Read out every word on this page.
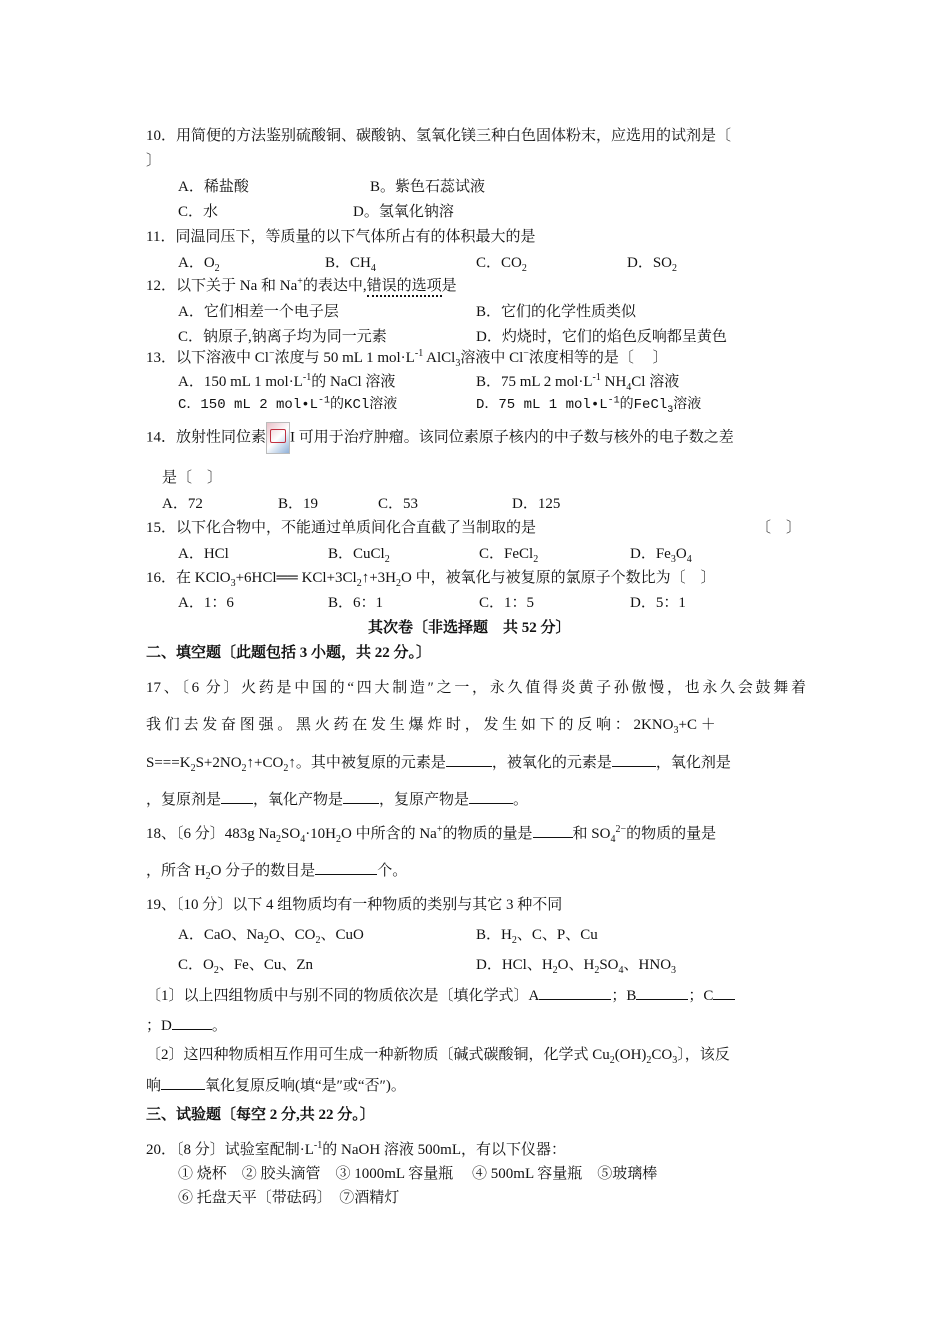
10．用简便的方法鉴别硫酸铜、碳酸钠、氢氧化镁三种白色固体粉末，应选用的试剂是〔
〕
A．稀盐酸	B。紫色石蕊试液
C．水	D。氢氧化钠溶
11．同温同压下，等质量的以下气体所占有的体积最大的是
A．$O_2$	B．$CH_4$	C．$CO_2$	D．$SO_2$
12．以下关于 Na 和 Na+的表达中,错误的选项是
A．它们相差一个电子层	B．它们的化学性质类似
C．钠原子,钠离子均为同一元素	D．灼烧时，它们的焰色反响都呈黄色
13．以下溶液中 Cl−浓度与 50 mL 1 $mol\cdot L^{-1}$ AlCl$_3$溶液中 Cl−浓度相等的是〔　 〕
A．150 mL 1 $mol\cdot L^{-1}$的 NaCl 溶液	B．75 mL 2 $mol\cdot L^{-1}$ $NH_4Cl$ 溶液
C．150 mL 2 $mol•L^{-1}$的KCl溶液	D．75 mL 1 $mol•L^{-1}$的FeCl$_3$溶液
14．放射性同位素 I 可用于治疗肿瘤。该同位素原子核内的中子数与核外的电子数之差
是〔　〕
A．72	B．19	C．53	D．125
15．以下化合物中，不能通过单质间化合直截了当制取的是	〔　〕
A．HCl	B．CuCl$_2$	C．FeCl$_2$	D．$Fe_3O_4$
16．在 KClO$_3$+6HCl══ $KCl+3Cl_2↑+3H_2O$ 中，被氧化与被复原的氯原子个数比为〔　〕
A．1：6	B．6：1	C．1：5	D．5：1
其次卷〔非选择题　共 52 分〕
二、填空题〔此题包括 3 小题，共 22 分。〕
17、〔6 分〕火药是中国的“四大制造″之一，永久值得炎黄子孙傲慢，也永久会鼓舞着
我 们 去 发 奋 图 强 。 黑 火 药 在 发 生 爆 炸 时 ， 发 生 如 下 的 反 响 ： $2KNO_3+C$ ＋
$S===K_2S+2NO_2↑+CO_2↑$。其中被复原的元素是	，被氧化的元素是	，氧化剂是
，复原剂是 ，氧化产物是 ，复原产物是	。
18、〔6 分〕483g $Na_2SO_4\cdot 10H_2O$ 中所含的 Na+的物质的量是	和 $SO_4^{2-}$的物质的量是
，所含 $H_2O$ 分子的数目是	个。
19、〔10 分〕以下 4 组物质均有一种物质的类别与其它 3 种不同
A．CaO、$Na_2O$、$CO_2$、CuO	B．$H_2$、C、P、Cu
C．$O_2$、Fe、Cu、Zn	D．HCl、$H_2O$、$H_2SO_4$、$HNO_3$
〔1〕以上四组物质中与别不同的物质依次是〔填化学式〕A	；B	；C
；D	。
〔2〕这四种物质相互作用可生成一种新物质〔碱式碳酸铜，化学式 $Cu_2(OH)_2CO_3$〕，该反
响	氧化复原反响(填“是″或“否″)。
三、试验题〔每空 2 分,共 22 分。〕
20．〔8 分〕试验室配制$\cdot L^{-1}$的 NaOH 溶液 500mL，有以下仪器：
① 烧杯　② 胶头滴管　③ 1000mL 容量瓶　 ④ 500mL 容量瓶　⑤玻璃棒
⑥ 托盘天平〔带砝码〕　⑦酒精灯
